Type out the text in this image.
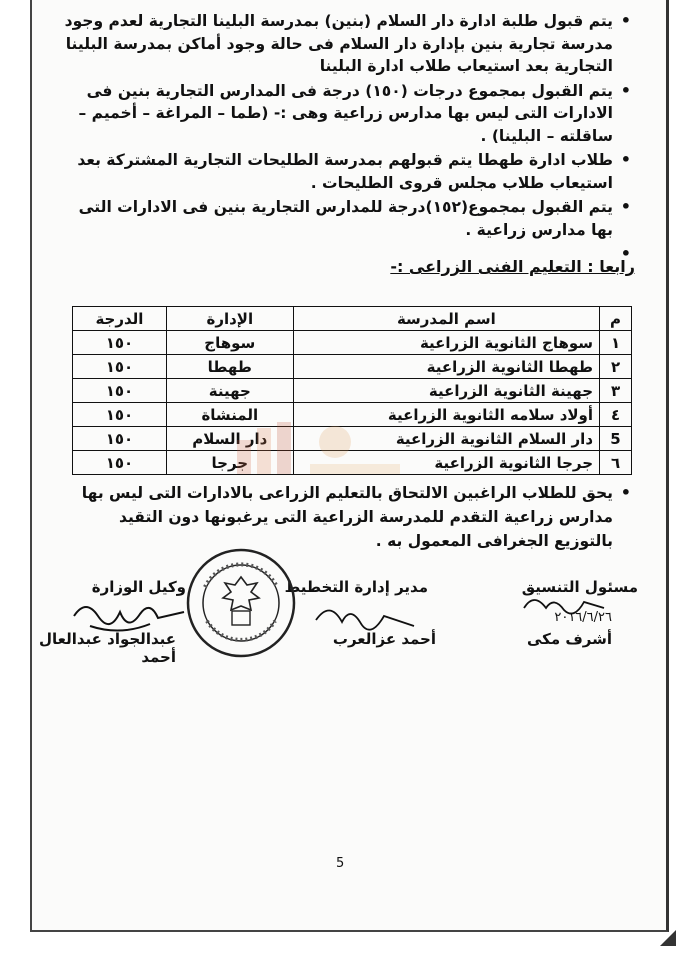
• يتم قبول طلبة ادارة دار السلام (بنين) بمدرسة البلينا التجارية لعدم وجود مدرسة تجارية بنين بإدارة دار السلام فى حالة وجود أماكن بمدرسة البلينا التجارية بعد استيعاب طلاب ادارة البلينا
• يتم القبول بمجموع درجات (١٥٠) درجة فى المدارس التجارية بنين فى الادارات التى ليس بها مدارس زراعية وهى :- (طما – المراغة – أخميم – ساقلته – البلينا) .
• طلاب ادارة طهطا يتم قبولهم بمدرسة الطليحات التجارية المشتركة بعد استيعاب طلاب مجلس قروى الطليحات .
• يتم القبول بمجموع(١٥٢)درجة للمدارس التجارية بنين فى الادارات التى بها مدارس زراعية .
•
رابعا : التعليم الفنى الزراعى :-
م	اسم المدرسة	الإدارة	الدرجة
١	سوهاج الثانوية الزراعية	سوهاج	١٥٠
٢	طهطا الثانوية الزراعية	طهطا	١٥٠
٣	جهينة الثانوية الزراعية	جهينة	١٥٠
٤	أولاد سلامه الثانوية الزراعية	المنشاة	١٥٠
5	دار السلام الثانوية الزراعية	دار السلام	١٥٠
٦	جرجا الثانوية الزراعية	جرجا	١٥٠
• يحق للطلاب الراغبين الالتحاق بالتعليم الزراعى بالادارات التى ليس بها مدارس زراعية التقدم للمدرسة الزراعية التى يرغبونها دون التقيد بالتوزيع الجغرافى المعمول به .
مسئول التنسيق
أشرف مكى
مدير إدارة التخطيط
أحمد عزالعرب
وكيل الوزارة
عبدالجواد عبدالعال أحمد
٢٠١٦/٦/٢٦
5
